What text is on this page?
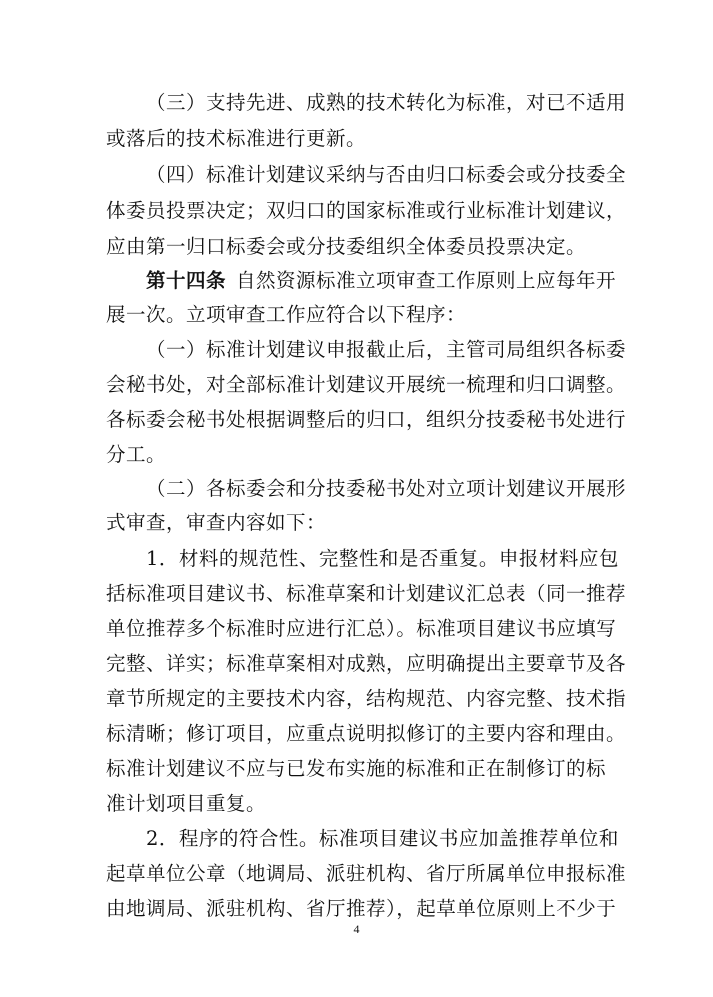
（三）支持先进、成熟的技术转化为标准，对已不适用
或落后的技术标准进行更新。
（四）标准计划建议采纳与否由归口标委会或分技委全
体委员投票决定；双归口的国家标准或行业标准计划建议，
应由第一归口标委会或分技委组织全体委员投票决定。
第十四条 自然资源标准立项审查工作原则上应每年开
展一次。立项审查工作应符合以下程序：
（一）标准计划建议申报截止后，主管司局组织各标委
会秘书处，对全部标准计划建议开展统一梳理和归口调整。
各标委会秘书处根据调整后的归口，组织分技委秘书处进行
分工。
（二）各标委会和分技委秘书处对立项计划建议开展形
式审查，审查内容如下：
1．材料的规范性、完整性和是否重复。申报材料应包
括标准项目建议书、标准草案和计划建议汇总表（同一推荐
单位推荐多个标准时应进行汇总）。标准项目建议书应填写
完整、详实；标准草案相对成熟，应明确提出主要章节及各
章节所规定的主要技术内容，结构规范、内容完整、技术指
标清晰；修订项目，应重点说明拟修订的主要内容和理由。
标准计划建议不应与已发布实施的标准和正在制修订的标
准计划项目重复。
2．程序的符合性。标准项目建议书应加盖推荐单位和
起草单位公章（地调局、派驻机构、省厅所属单位申报标准
由地调局、派驻机构、省厅推荐），起草单位原则上不少于
4
